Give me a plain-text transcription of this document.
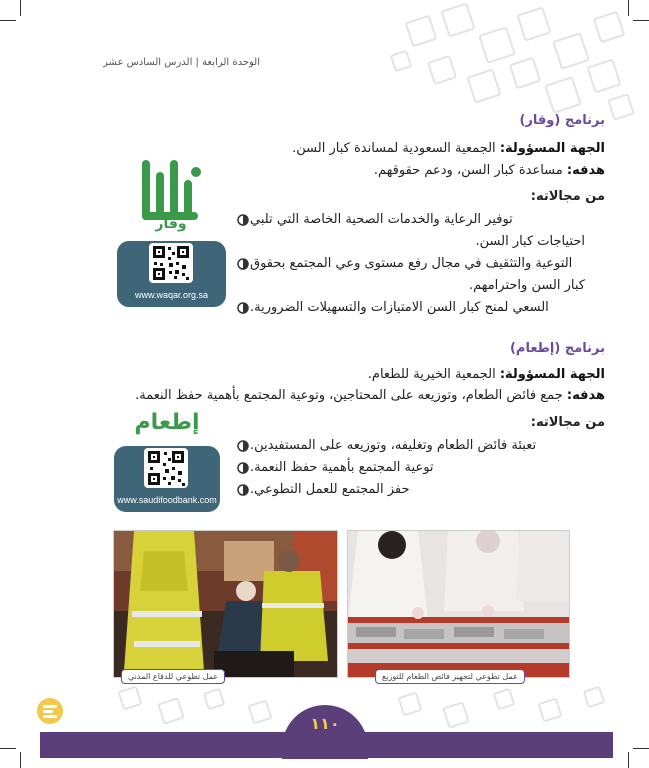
الوحدة الرابعة | الدرس السادس عشر
برنامج (وقار)
الجهة المسؤولة: الجمعية السعودية لمساندة كبار السن.
هدفه: مساعدة كبار السن، ودعم حقوقهم.
من مجالاته:
توفير الرعاية والخدمات الصحية الخاصة التي تلبي
احتياجات كبار السن.
التوعية والتثقيف في مجال رفع مستوى وعي المجتمع بحقوق
كبار السن واحترامهم.
السعي لمنح كبار السن الامتيازات والتسهيلات الضرورية.
وقار
www.waqar.org.sa
برنامج (إطعام)
الجهة المسؤولة: الجمعية الخيرية للطعام.
هدفه: جمع فائض الطعام، وتوزيعه على المحتاجين، وتوعية المجتمع بأهمية حفظ النعمة.
من مجالاته:
تعبئة فائض الطعام وتغليفه، وتوزيعه على المستفيدين.
توعية المجتمع بأهمية حفظ النعمة.
حفز المجتمع للعمل التطوعي.
إطعام
www.saudifoodbank.com
عمل تطوعي للدفاع المدني	عمل تطوعي لتجهيز فائض الطعام للتوزيع
١١٠
